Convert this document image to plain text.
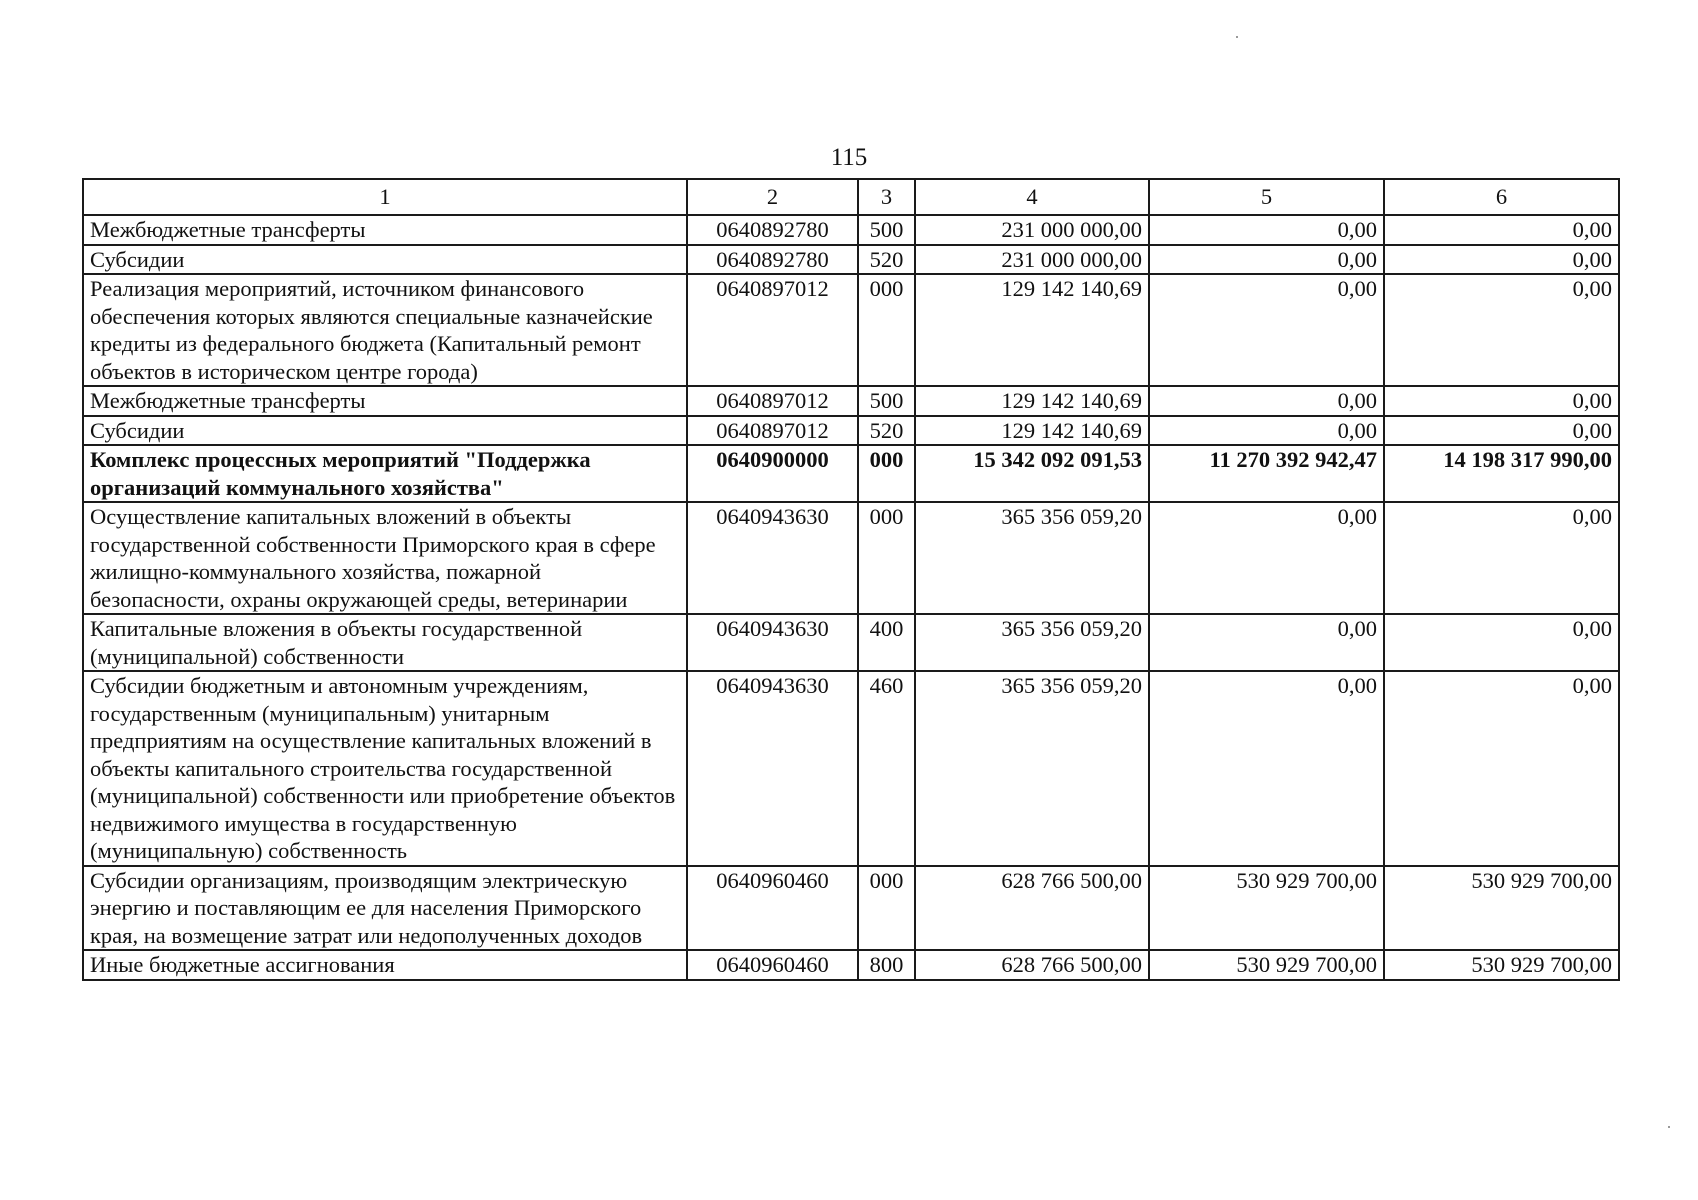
115
1	2	3	4	5	6
Межбюджетные трансферты	0640892780	500	231 000 000,00	0,00	0,00
Субсидии	0640892780	520	231 000 000,00	0,00	0,00
Реализация мероприятий, источником финансового обеспечения которых являются специальные казначейские кредиты из федерального бюджета (Капитальный ремонт объектов в историческом центре города)	0640897012	000	129 142 140,69	0,00	0,00
Межбюджетные трансферты	0640897012	500	129 142 140,69	0,00	0,00
Субсидии	0640897012	520	129 142 140,69	0,00	0,00
Комплекс процессных мероприятий "Поддержка организаций коммунального хозяйства"	0640900000	000	15 342 092 091,53	11 270 392 942,47	14 198 317 990,00
Осуществление капитальных вложений в объекты государственной собственности Приморского края в сфере жилищно-коммунального хозяйства, пожарной безопасности, охраны окружающей среды, ветеринарии	0640943630	000	365 356 059,20	0,00	0,00
Капитальные вложения в объекты государственной (муниципальной) собственности	0640943630	400	365 356 059,20	0,00	0,00
Субсидии бюджетным и автономным учреждениям, государственным (муниципальным) унитарным предприятиям на осуществление капитальных вложений в объекты капитального строительства государственной (муниципальной) собственности или приобретение объектов недвижимого имущества в государственную (муниципальную) собственность	0640943630	460	365 356 059,20	0,00	0,00
Субсидии организациям, производящим электрическую энергию и поставляющим ее для населения Приморского края, на возмещение затрат или недополученных доходов	0640960460	000	628 766 500,00	530 929 700,00	530 929 700,00
Иные бюджетные ассигнования	0640960460	800	628 766 500,00	530 929 700,00	530 929 700,00
